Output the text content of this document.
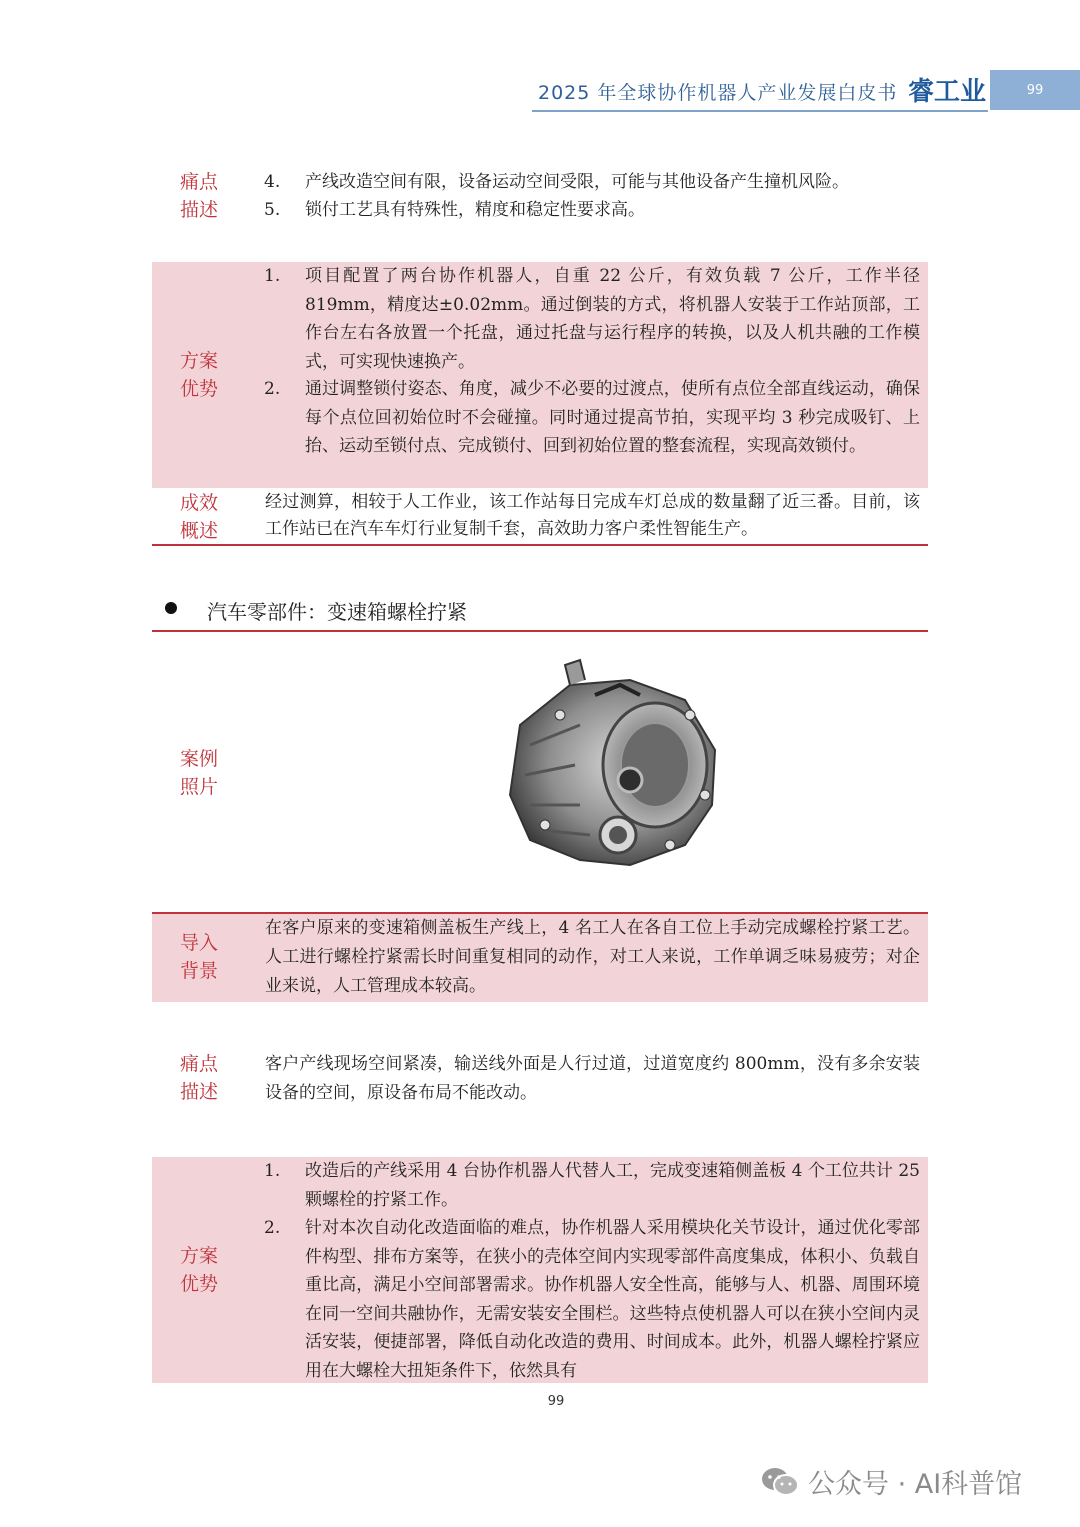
2025 年全球协作机器人产业发展白皮书 睿工业	99
痛点
描述
4. 产线改造空间有限，设备运动空间受限，可能与其他设备产生撞机风险。
5. 锁付工艺具有特殊性，精度和稳定性要求高。
方案
优势
1. 项目配置了两台协作机器人，自重 22 公斤，有效负载 7 公斤，工作半径 819mm，精度达±0.02mm。通过倒装的方式，将机器人安装于工作站顶部，工作台左右各放置一个托盘，通过托盘与运行程序的转换，以及人机共融的工作模式，可实现快速换产。
2. 通过调整锁付姿态、角度，减少不必要的过渡点，使所有点位全部直线运动，确保每个点位回初始位时不会碰撞。同时通过提高节拍，实现平均 3 秒完成吸钉、上抬、运动至锁付点、完成锁付、回到初始位置的整套流程，实现高效锁付。
成效
概述
经过测算，相较于人工作业，该工作站每日完成车灯总成的数量翻了近三番。目前，该工作站已在汽车车灯行业复制千套，高效助力客户柔性智能生产。
汽车零部件：变速箱螺栓拧紧
案例
照片
导入
背景
在客户原来的变速箱侧盖板生产线上，4 名工人在各自工位上手动完成螺栓拧紧工艺。人工进行螺栓拧紧需长时间重复相同的动作，对工人来说，工作单调乏味易疲劳；对企业来说，人工管理成本较高。
痛点
描述
客户产线现场空间紧凑，输送线外面是人行过道，过道宽度约 800mm，没有多余安装设备的空间，原设备布局不能改动。
方案
优势
1. 改造后的产线采用 4 台协作机器人代替人工，完成变速箱侧盖板 4 个工位共计 25 颗螺栓的拧紧工作。
2. 针对本次自动化改造面临的难点，协作机器人采用模块化关节设计，通过优化零部件构型、排布方案等，在狭小的壳体空间内实现零部件高度集成，体积小、负载自重比高，满足小空间部署需求。协作机器人安全性高，能够与人、机器、周围环境在同一空间共融协作，无需安装安全围栏。这些特点使机器人可以在狭小空间内灵活安装，便捷部署，降低自动化改造的费用、时间成本。此外，机器人螺栓拧紧应用在大螺栓大扭矩条件下，依然具有
99
公众号 · AI科普馆
